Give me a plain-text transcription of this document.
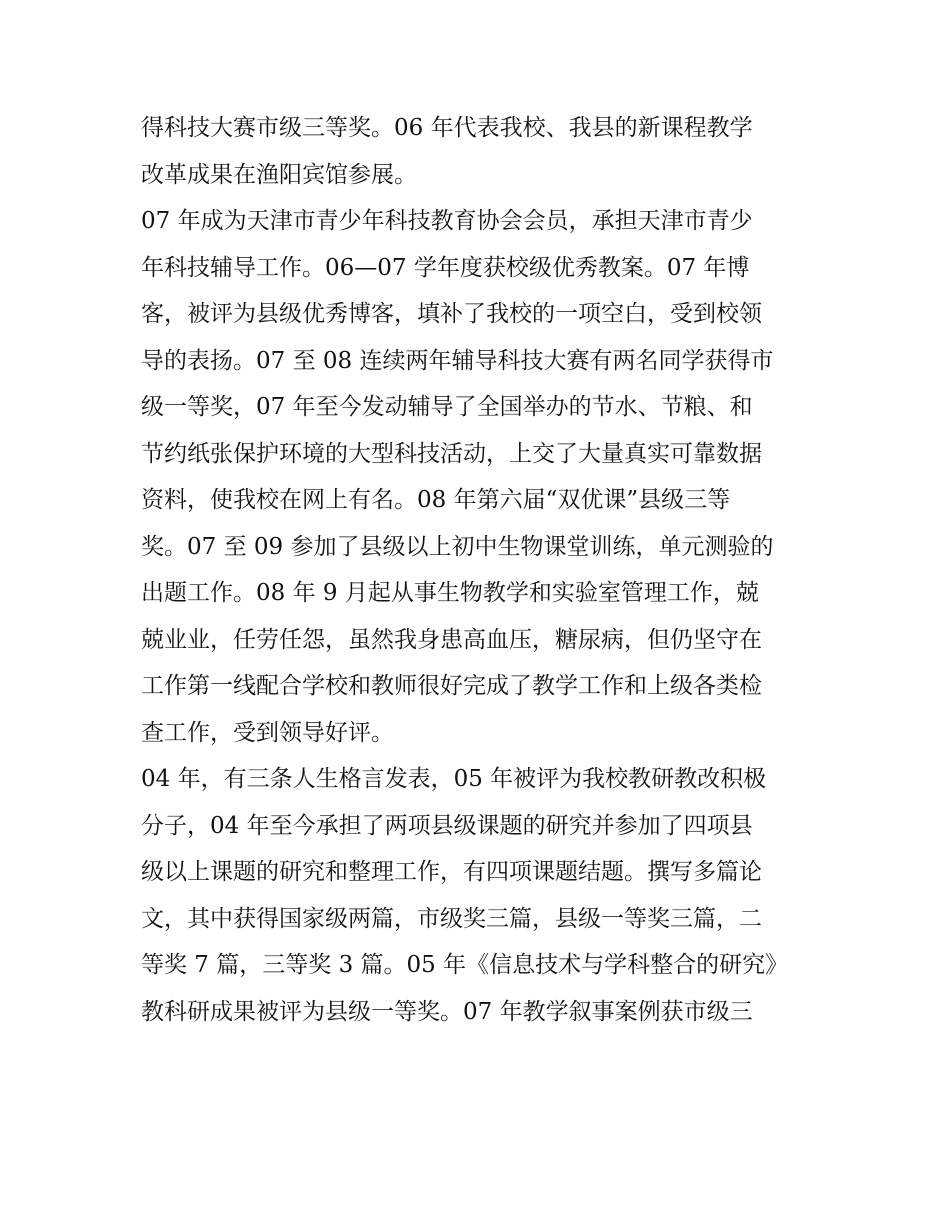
得科技大赛市级三等奖。06 年代表我校、我县的新课程教学
改革成果在渔阳宾馆参展。
07 年成为天津市青少年科技教育协会会员，承担天津市青少
年科技辅导工作。06—07 学年度获校级优秀教案。07 年博
客，被评为县级优秀博客，填补了我校的一项空白，受到校领
导的表扬。07 至 08 连续两年辅导科技大赛有两名同学获得市
级一等奖，07 年至今发动辅导了全国举办的节水、节粮、和
节约纸张保护环境的大型科技活动，上交了大量真实可靠数据
资料，使我校在网上有名。08 年第六届“双优课”县级三等
奖。07 至 09 参加了县级以上初中生物课堂训练，单元测验的
出题工作。08 年 9 月起从事生物教学和实验室管理工作，兢
兢业业，任劳任怨，虽然我身患高血压，糖尿病，但仍坚守在
工作第一线配合学校和教师很好完成了教学工作和上级各类检
查工作，受到领导好评。
04 年，有三条人生格言发表，05 年被评为我校教研教改积极
分子，04 年至今承担了两项县级课题的研究并参加了四项县
级以上课题的研究和整理工作，有四项课题结题。撰写多篇论
文，其中获得国家级两篇，市级奖三篇，县级一等奖三篇，二
等奖 7 篇，三等奖 3 篇。05 年《信息技术与学科整合的研究》
教科研成果被评为县级一等奖。07 年教学叙事案例获市级三
